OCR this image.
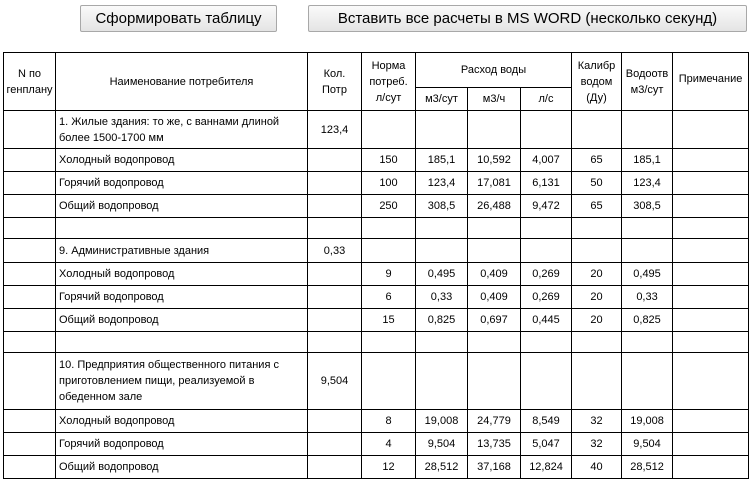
Сформировать таблицу	Вставить все расчеты в MS WORD (несколько секунд)
N по генплану	Наименование потребителя	Кол. Потр	Норма потреб. л/сут	Расход воды			Калибр водом (Ду)	Водоотв м3/сут	Примечание
				м3/сут	м3/ч	л/с			
	1. Жилые здания: то же, с ваннами длиной более 1500-1700 мм	123,4							
	Холодный водопровод		150	185,1	10,592	4,007	65	185,1	
	Горячий водопровод		100	123,4	17,081	6,131	50	123,4	
	Общий водопровод		250	308,5	26,488	9,472	65	308,5	

	9. Административные здания	0,33							
	Холодный водопровод		9	0,495	0,409	0,269	20	0,495	
	Горячий водопровод		6	0,33	0,409	0,269	20	0,33	
	Общий водопровод		15	0,825	0,697	0,445	20	0,825	

	10. Предприятия общественного питания с приготовлением пищи, реализуемой в обеденном зале	9,504							
	Холодный водопровод		8	19,008	24,779	8,549	32	19,008	
	Горячий водопровод		4	9,504	13,735	5,047	32	9,504	
	Общий водопровод		12	28,512	37,168	12,824	40	28,512	
